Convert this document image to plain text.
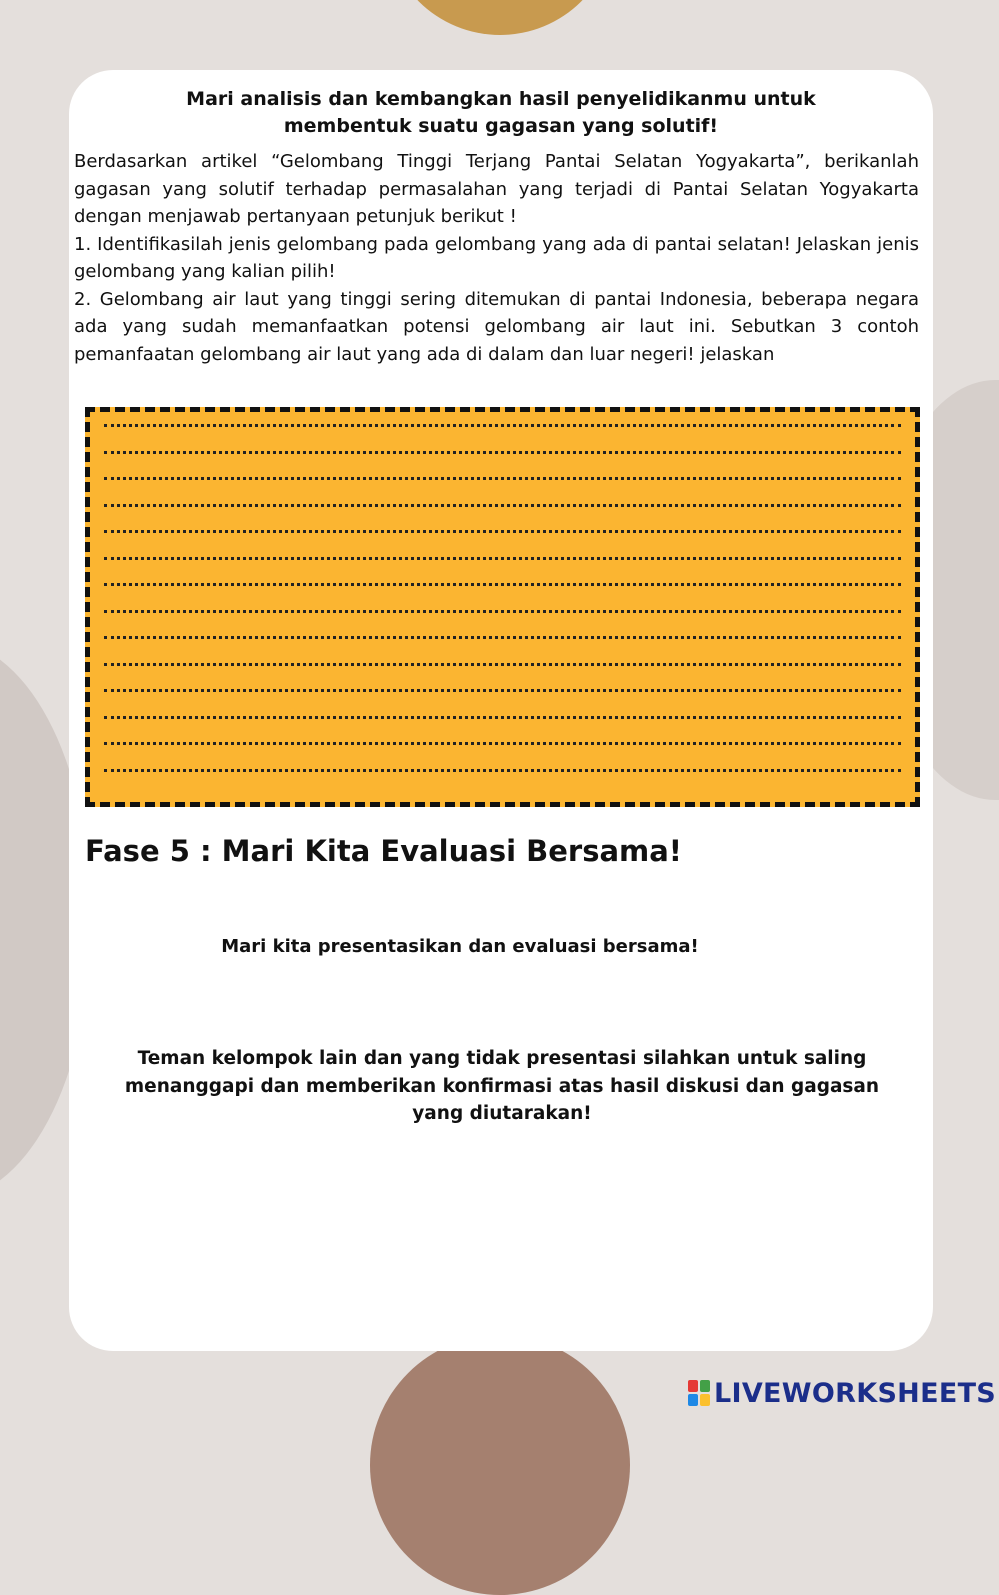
Mari analisis dan kembangkan hasil penyelidikanmu untuk
membentuk suatu gagasan yang solutif!

Berdasarkan artikel “Gelombang Tinggi Terjang Pantai Selatan Yogyakarta”, berikanlah gagasan yang solutif terhadap permasalahan yang terjadi di Pantai Selatan Yogyakarta dengan menjawab pertanyaan petunjuk berikut !

1. Identifikasilah jenis gelombang pada gelombang yang ada di pantai selatan! Jelaskan jenis gelombang yang kalian pilih!

2. Gelombang air laut yang tinggi sering ditemukan di pantai Indonesia, beberapa negara ada yang sudah memanfaatkan potensi gelombang air laut ini. Sebutkan 3 contoh pemanfaatan gelombang air laut yang ada di dalam dan luar negeri! jelaskan

Fase 5 : Mari Kita Evaluasi Bersama!
Mari kita presentasikan dan evaluasi bersama!
Teman kelompok lain dan yang tidak presentasi silahkan untuk saling
menanggapi dan memberikan konfirmasi atas hasil diskusi dan gagasan
yang diutarakan!
LIVEWORKSHEETS
